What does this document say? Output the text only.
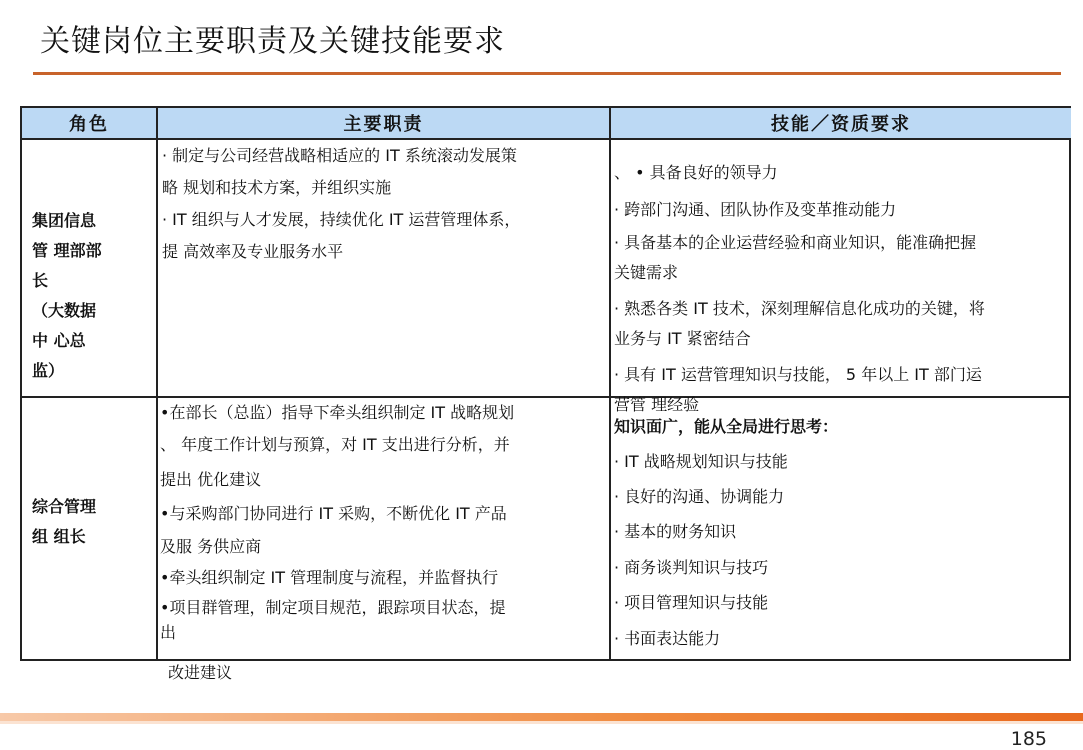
关键岗位主要职责及关键技能要求
角色	主要职责	技能／资质要求
集团信息
管 理部部
长
（大数据
中 心总
监）
· 制定与公司经营战略相适应的 IT 系统滚动发展策
略 规划和技术方案，并组织实施
· IT 组织与人才发展，持续优化 IT 运营管理体系，
提 高效率及专业服务水平
、 • 具备良好的领导力
· 跨部门沟通、团队协作及变革推动能力
· 具备基本的企业运营经验和商业知识，能准确把握
关键需求
· 熟悉各类 IT 技术，深刻理解信息化成功的关键，将
业务与 IT 紧密结合
· 具有 IT 运营管理知识与技能， 5 年以上 IT 部门运
营管 理经验
综合管理
组 组长
•在部长（总监）指导下牵头组织制定 IT 战略规划
、 年度工作计划与预算，对 IT 支出进行分析，并
提出 优化建议
•与采购部门协同进行 IT 采购，不断优化 IT 产品
及服 务供应商
•牵头组织制定 IT 管理制度与流程，并监督执行
•项目群管理，制定项目规范，跟踪项目状态，提
出
知识面广，能从全局进行思考：
· IT 战略规划知识与技能
· 良好的沟通、协调能力
· 基本的财务知识
· 商务谈判知识与技巧
· 项目管理知识与技能
· 书面表达能力
改进建议
185
